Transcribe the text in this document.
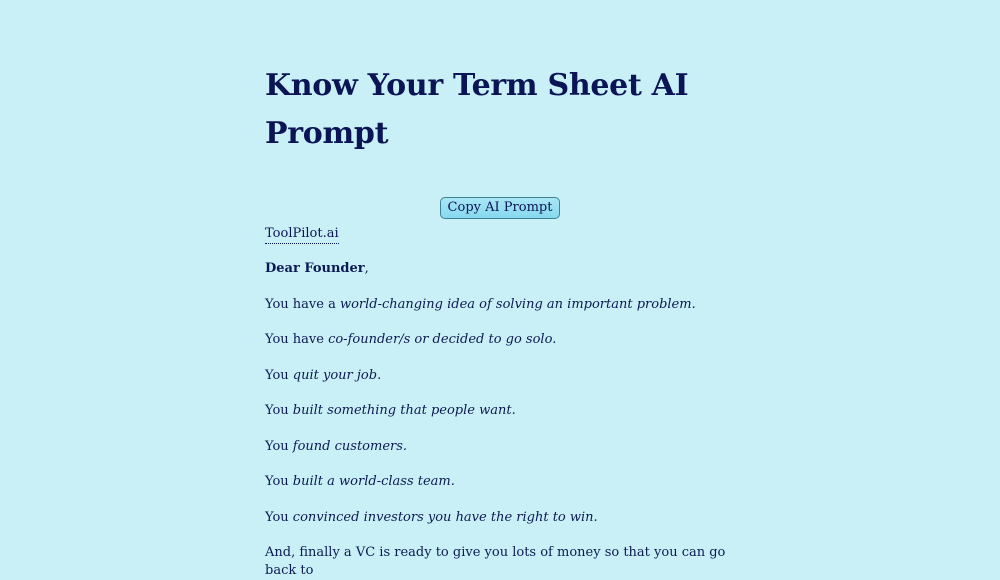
Know Your Term Sheet AI Prompt
Copy AI Prompt
ToolPilot.ai

Dear Founder,

You have a world-changing idea of solving an important problem.

You have co-founder/s or decided to go solo.

You quit your job.

You built something that people want.

You found customers.

You built a world-class team.

You convinced investors you have the right to win.

And, finally a VC is ready to give you lots of money so that you can go back to
